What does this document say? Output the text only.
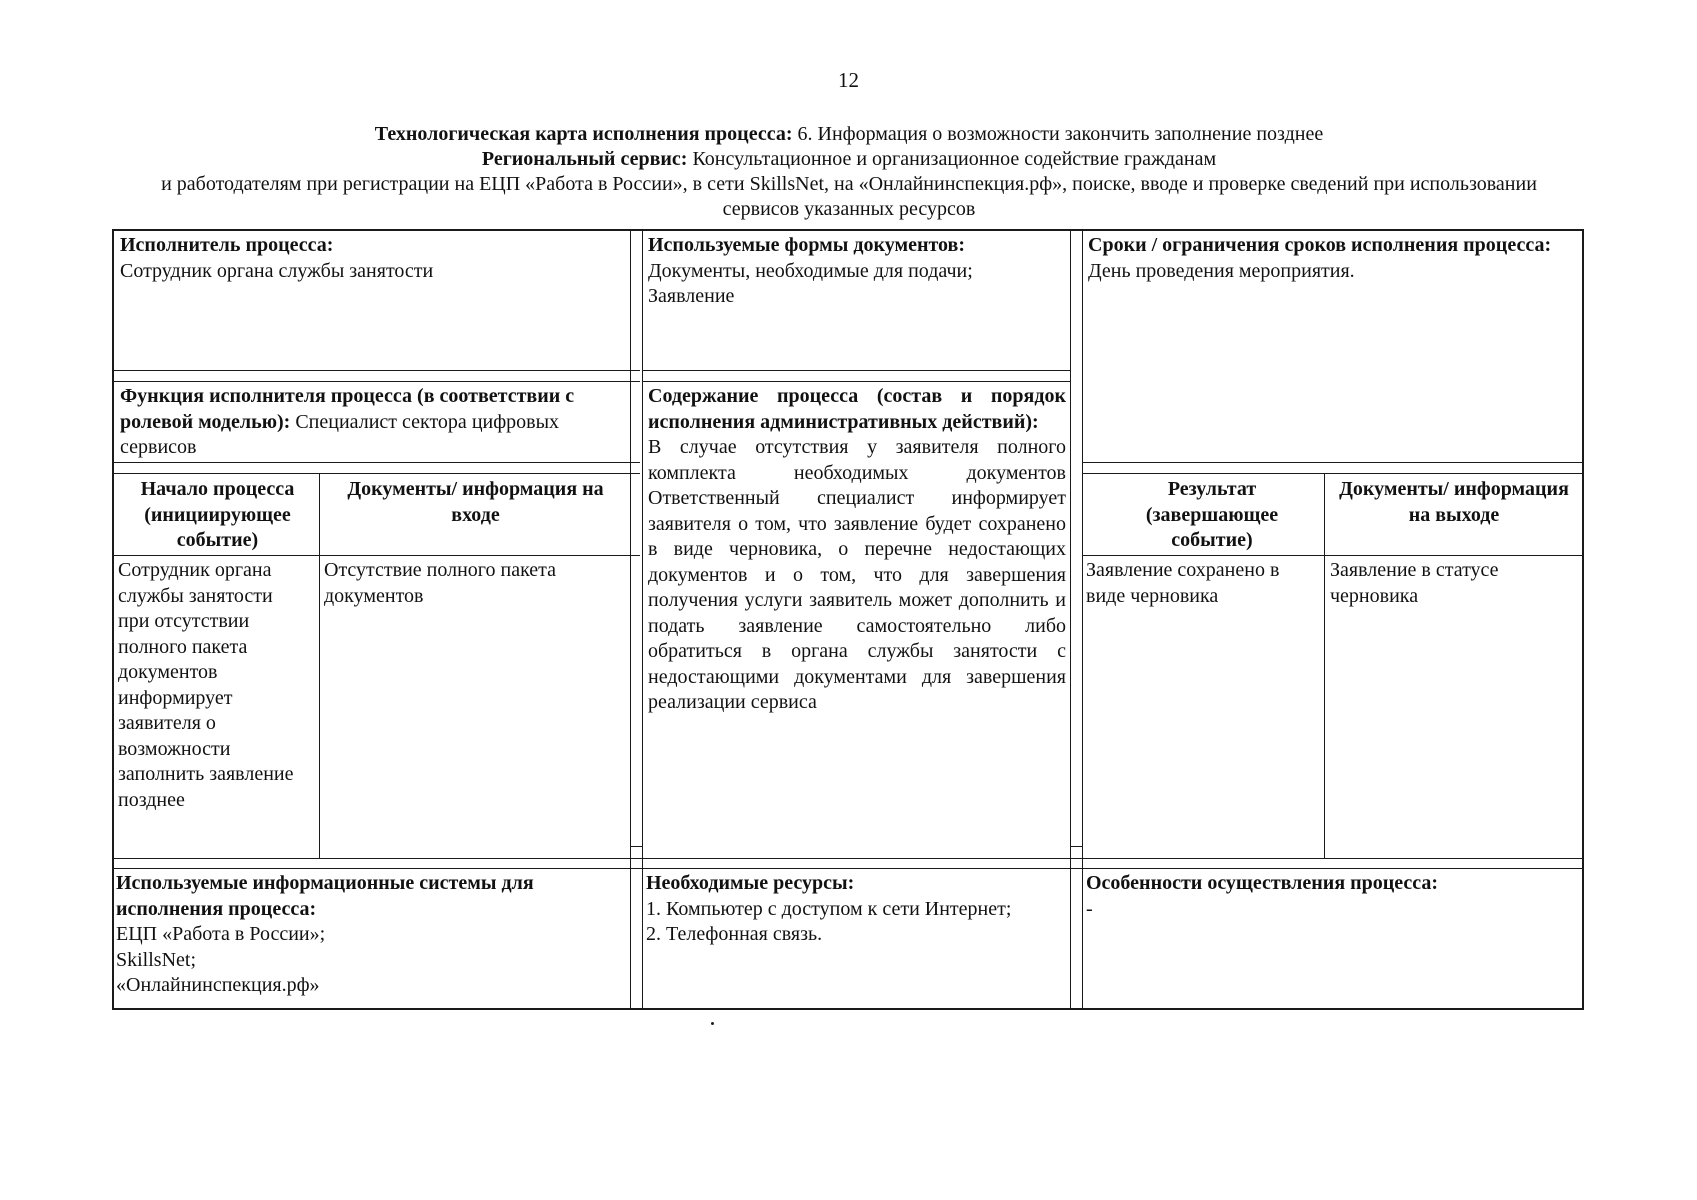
12
Технологическая карта исполнения процесса: 6. Информация о возможности закончить заполнение позднее
Региональный сервис: Консультационное и организационное содействие гражданам
и работодателям при регистрации на ЕЦП «Работа в России», в сети SkillsNet, на «Онлайнинспекция.рф», поиске, вводе и проверке сведений при использовании сервисов указанных ресурсов
Исполнитель процесса:
Сотрудник органа службы занятости
Используемые формы документов:
Документы, необходимые для подачи;
Заявление
Сроки / ограничения сроков исполнения процесса:
День проведения мероприятия.
Функция исполнителя процесса (в соответствии с ролевой моделью): Специалист сектора цифровых сервисов
Содержание процесса (состав и порядок исполнения административных действий):
В случае отсутствия у заявителя полного комплекта необходимых документов Ответственный специалист информирует заявителя о том, что заявление будет сохранено в виде черновика, о перечне недостающих документов и о том, что для завершения получения услуги заявитель может дополнить и подать заявление самостоятельно либо обратиться в органа службы занятости с недостающими документами для завершения реализации сервиса
Начало процесса (инициирующее событие)
Документы/ информация на входе
Результат (завершающее событие)
Документы/ информация на выходе
Сотрудник органа службы занятости при отсутствии полного пакета документов информирует заявителя о возможности заполнить заявление позднее
Отсутствие полного пакета документов
Заявление сохранено в виде черновика
Заявление в статусе черновика
Используемые информационные системы для исполнения процесса:
ЕЦП «Работа в России»;
SkillsNet;
«Онлайнинспекция.рф»
Необходимые ресурсы:
1. Компьютер с доступом к сети Интернет;
2. Телефонная связь.
Особенности осуществления процесса:
-
